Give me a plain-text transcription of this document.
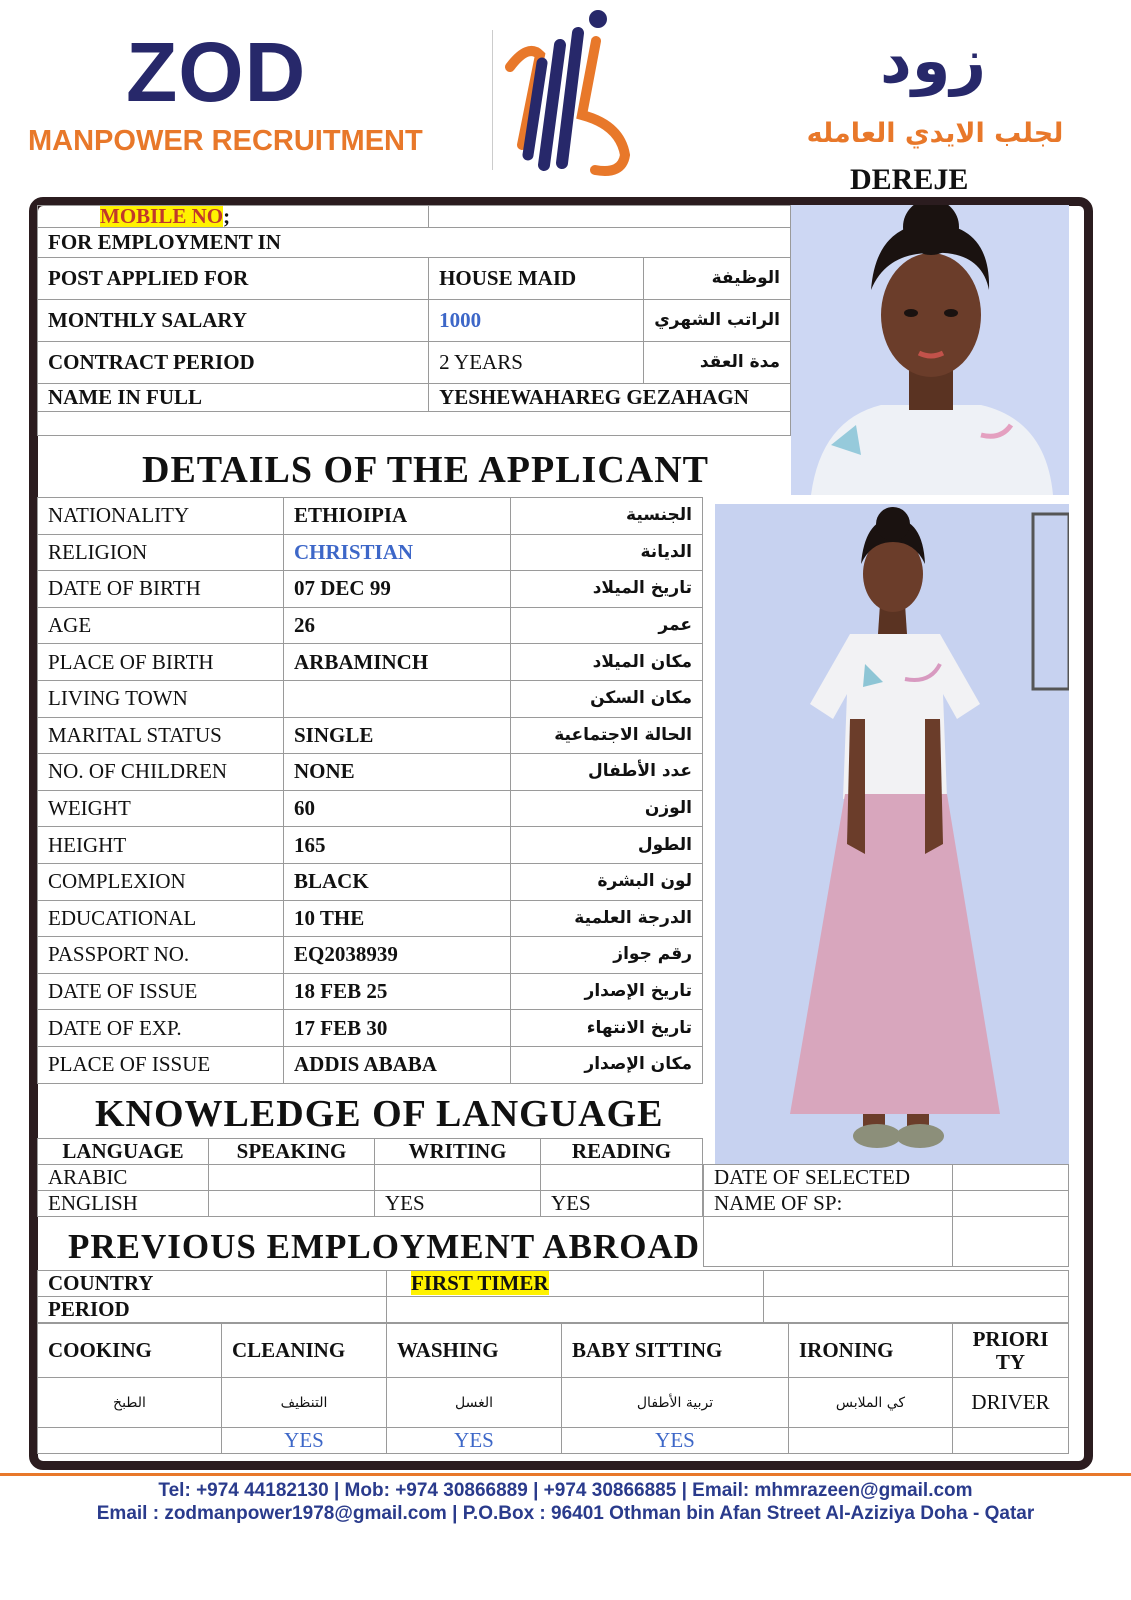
ZOD
MANPOWER RECRUITMENT
زود
لجلب الايدي العامله
DEREJE
MOBILE NO;		
FOR EMPLOYMENT IN		
POST APPLIED FOR	HOUSE MAID	الوظيفة
MONTHLY SALARY	1000	الراتب الشهري
CONTRACT PERIOD	2 YEARS	مدة العقد
NAME IN FULL	YESHEWAHAREG GEZAHAGN	

DETAILS OF THE APPLICANT
NATIONALITY	ETHIOIPIA	الجنسية
RELIGION	CHRISTIAN	الديانة
DATE OF BIRTH	07 DEC 99	تاريخ الميلاد
AGE	26	عمر
PLACE OF BIRTH	ARBAMINCH	مكان الميلاد
LIVING TOWN		مكان السكن
MARITAL STATUS	SINGLE	الحالة الاجتماعية
NO. OF CHILDREN	NONE	عدد الأطفال
WEIGHT	60	الوزن
HEIGHT	165	الطول
COMPLEXION	BLACK	لون البشرة
EDUCATIONAL	10 THE	الدرجة العلمية
PASSPORT NO.	EQ2038939	رقم جواز
DATE OF ISSUE	18 FEB 25	تاريخ الإصدار
DATE OF EXP.	17 FEB 30	تاريخ الانتهاء
PLACE OF ISSUE	ADDIS ABABA	مكان الإصدار
KNOWLEDGE OF LANGUAGE
LANGUAGE	SPEAKING	WRITING	READING
ARABIC			
ENGLISH		YES	YES
DATE OF SELECTED	
NAME OF SP:	

PREVIOUS EMPLOYMENT ABROAD
COUNTRY	FIRST TIMER	
PERIOD		
COOKING	CLEANING	WASHING	BABY SITTING	IRONING	PRIORI TY
الطبخ	التنظيف	الغسل	تربية الأطفال	كي الملابس	DRIVER
	YES	YES	YES		
Tel: +974 44182130 | Mob: +974 30866889 | +974 30866885 | Email: mhmrazeen@gmail.com
Email : zodmanpower1978@gmail.com | P.O.Box : 96401 Othman bin Afan Street Al-Aziziya Doha - Qatar
